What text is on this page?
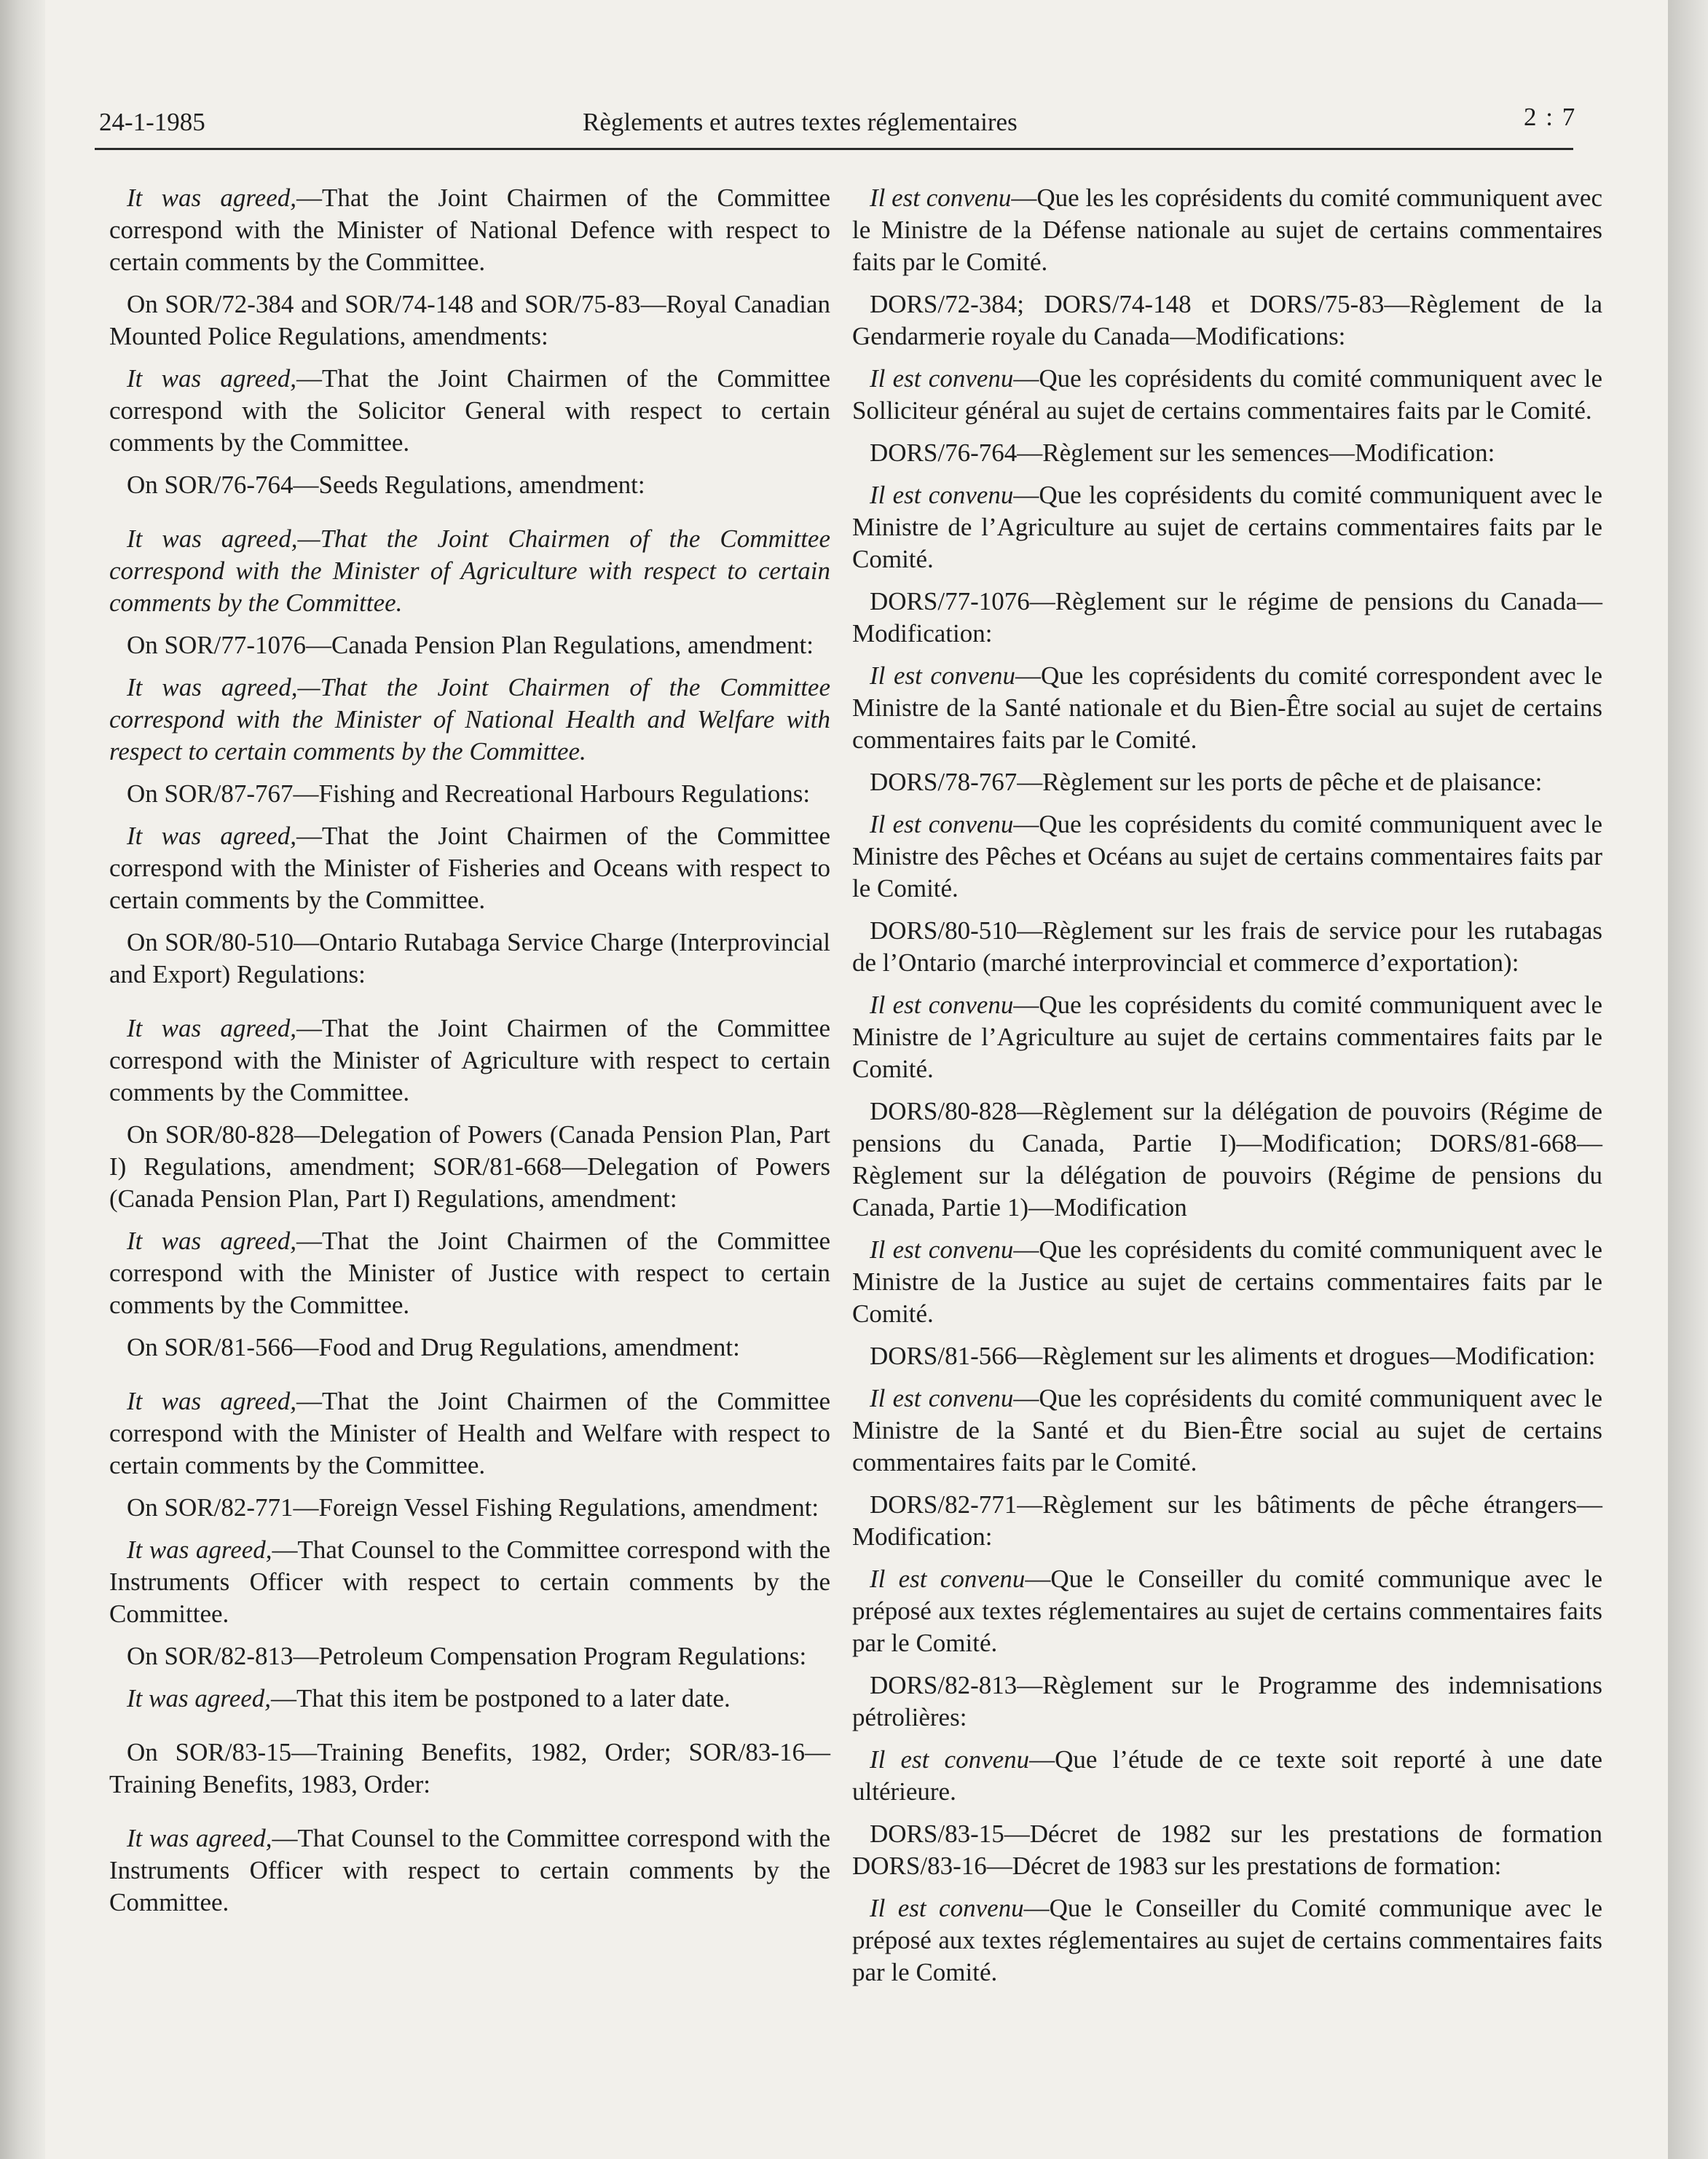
24-1-1985	Règlements et autres textes réglementaires	2 : 7

It was agreed,—That the Joint Chairmen of the Committee correspond with the Minister of National Defence with respect to certain comments by the Committee.

On SOR/72-384 and SOR/74-148 and SOR/75-83—Royal Canadian Mounted Police Regulations, amendments:

It was agreed,—That the Joint Chairmen of the Committee correspond with the Solicitor General with respect to certain comments by the Committee.

On SOR/76-764—Seeds Regulations, amendment:

It was agreed,—That the Joint Chairmen of the Committee correspond with the Minister of Agriculture with respect to certain comments by the Committee.

On SOR/77-1076—Canada Pension Plan Regulations, amendment:

It was agreed,—That the Joint Chairmen of the Committee correspond with the Minister of National Health and Welfare with respect to certain comments by the Committee.

On SOR/87-767—Fishing and Recreational Harbours Regulations:

It was agreed,—That the Joint Chairmen of the Committee correspond with the Minister of Fisheries and Oceans with respect to certain comments by the Committee.

On SOR/80-510—Ontario Rutabaga Service Charge (Interprovincial and Export) Regulations:

It was agreed,—That the Joint Chairmen of the Committee correspond with the Minister of Agriculture with respect to certain comments by the Committee.

On SOR/80-828—Delegation of Powers (Canada Pension Plan, Part I) Regulations, amendment; SOR/81-668—Delegation of Powers (Canada Pension Plan, Part I) Regulations, amendment:

It was agreed,—That the Joint Chairmen of the Committee correspond with the Minister of Justice with respect to certain comments by the Committee.

On SOR/81-566—Food and Drug Regulations, amendment:

It was agreed,—That the Joint Chairmen of the Committee correspond with the Minister of Health and Welfare with respect to certain comments by the Committee.

On SOR/82-771—Foreign Vessel Fishing Regulations, amendment:

It was agreed,—That Counsel to the Committee correspond with the Instruments Officer with respect to certain comments by the Committee.

On SOR/82-813—Petroleum Compensation Program Regulations:

It was agreed,—That this item be postponed to a later date.

On SOR/83-15—Training Benefits, 1982, Order; SOR/83-16—Training Benefits, 1983, Order:

It was agreed,—That Counsel to the Committee correspond with the Instruments Officer with respect to certain comments by the Committee.

Il est convenu—Que les les coprésidents du comité communiquent avec le Ministre de la Défense nationale au sujet de certains commentaires faits par le Comité.

DORS/72-384; DORS/74-148 et DORS/75-83—Règlement de la Gendarmerie royale du Canada—Modifications:

Il est convenu—Que les coprésidents du comité communiquent avec le Solliciteur général au sujet de certains commentaires faits par le Comité.

DORS/76-764—Règlement sur les semences—Modification:

Il est convenu—Que les coprésidents du comité communiquent avec le Ministre de l’Agriculture au sujet de certains commentaires faits par le Comité.

DORS/77-1076—Règlement sur le régime de pensions du Canada—Modification:

Il est convenu—Que les coprésidents du comité correspondent avec le Ministre de la Santé nationale et du Bien-Être social au sujet de certains commentaires faits par le Comité.

DORS/78-767—Règlement sur les ports de pêche et de plaisance:

Il est convenu—Que les coprésidents du comité communiquent avec le Ministre des Pêches et Océans au sujet de certains commentaires faits par le Comité.

DORS/80-510—Règlement sur les frais de service pour les rutabagas de l’Ontario (marché interprovincial et commerce d’exportation):

Il est convenu—Que les coprésidents du comité communiquent avec le Ministre de l’Agriculture au sujet de certains commentaires faits par le Comité.

DORS/80-828—Règlement sur la délégation de pouvoirs (Régime de pensions du Canada, Partie I)—Modification; DORS/81-668—Règlement sur la délégation de pouvoirs (Régime de pensions du Canada, Partie 1)—Modification

Il est convenu—Que les coprésidents du comité communiquent avec le Ministre de la Justice au sujet de certains commentaires faits par le Comité.

DORS/81-566—Règlement sur les aliments et drogues—Modification:

Il est convenu—Que les coprésidents du comité communiquent avec le Ministre de la Santé et du Bien-Être social au sujet de certains commentaires faits par le Comité.

DORS/82-771—Règlement sur les bâtiments de pêche étrangers—Modification:

Il est convenu—Que le Conseiller du comité communique avec le préposé aux textes réglementaires au sujet de certains commentaires faits par le Comité.

DORS/82-813—Règlement sur le Programme des indemnisations pétrolières:

Il est convenu—Que l’étude de ce texte soit reporté à une date ultérieure.

DORS/83-15—Décret de 1982 sur les prestations de formation DORS/83-16—Décret de 1983 sur les prestations de formation:

Il est convenu—Que le Conseiller du Comité communique avec le préposé aux textes réglementaires au sujet de certains commentaires faits par le Comité.
